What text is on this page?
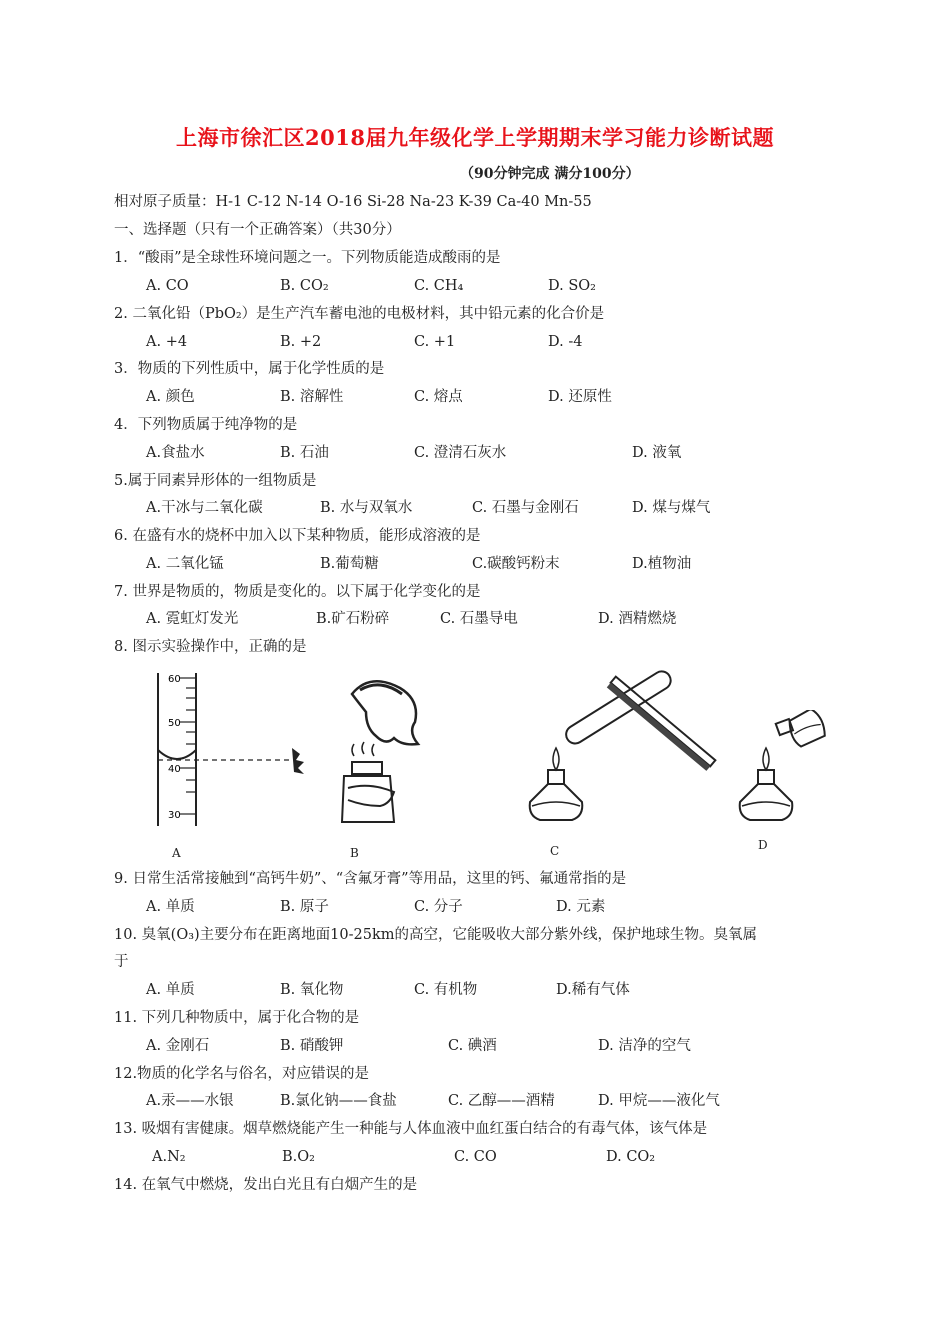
上海市徐汇区2018届九年级化学上学期期末学习能力诊断试题
（90分钟完成 满分100分）
相对原子质量：H-1 C-12 N-14 O-16 Si-28 Na-23 K-39 Ca-40 Mn-55
一、选择题（只有一个正确答案）（共30分）
1．“酸雨”是全球性环境问题之一。下列物质能造成酸雨的是
A. CO	B. CO₂	C. CH₄	D. SO₂
2. 二氧化铅（PbO₂）是生产汽车蓄电池的电极材料，其中铅元素的化合价是
A. +4	B. +2	C. +1	D. -4
3．物质的下列性质中，属于化学性质的是
A. 颜色	B. 溶解性	C. 熔点	D. 还原性
4．下列物质属于纯净物的是
A.食盐水	B. 石油	C. 澄清石灰水	D. 液氧
5.属于同素异形体的一组物质是
A.干冰与二氧化碳	B. 水与双氧水	C. 石墨与金刚石	D. 煤与煤气
6. 在盛有水的烧杯中加入以下某种物质，能形成溶液的是
A. 二氧化锰	B.葡萄糖	C.碳酸钙粉末	D.植物油
7. 世界是物质的，物质是变化的。以下属于化学变化的是
A. 霓虹灯发光	B.矿石粉碎	C. 石墨导电	D. 酒精燃烧
8. 图示实验操作中，正确的是
60
50
40
30
A	B	C	D
9. 日常生活常接触到“高钙牛奶”、“含氟牙膏”等用品，这里的钙、氟通常指的是
A. 单质	B. 原子	C. 分子	D. 元素
10. 臭氧(O₃)主要分布在距离地面10-25km的高空，它能吸收大部分紫外线，保护地球生物。臭氧属
于
A. 单质	B. 氧化物	C. 有机物	D.稀有气体
11. 下列几种物质中，属于化合物的是
A. 金刚石	B. 硝酸钾	C. 碘酒	D. 洁净的空气
12.物质的化学名与俗名，对应错误的是
A.汞——水银	B.氯化钠——食盐	C. 乙醇——酒精	D. 甲烷——液化气
13. 吸烟有害健康。烟草燃烧能产生一种能与人体血液中血红蛋白结合的有毒气体，该气体是
A.N₂	B.O₂	C. CO	D. CO₂
14. 在氧气中燃烧，发出白光且有白烟产生的是
